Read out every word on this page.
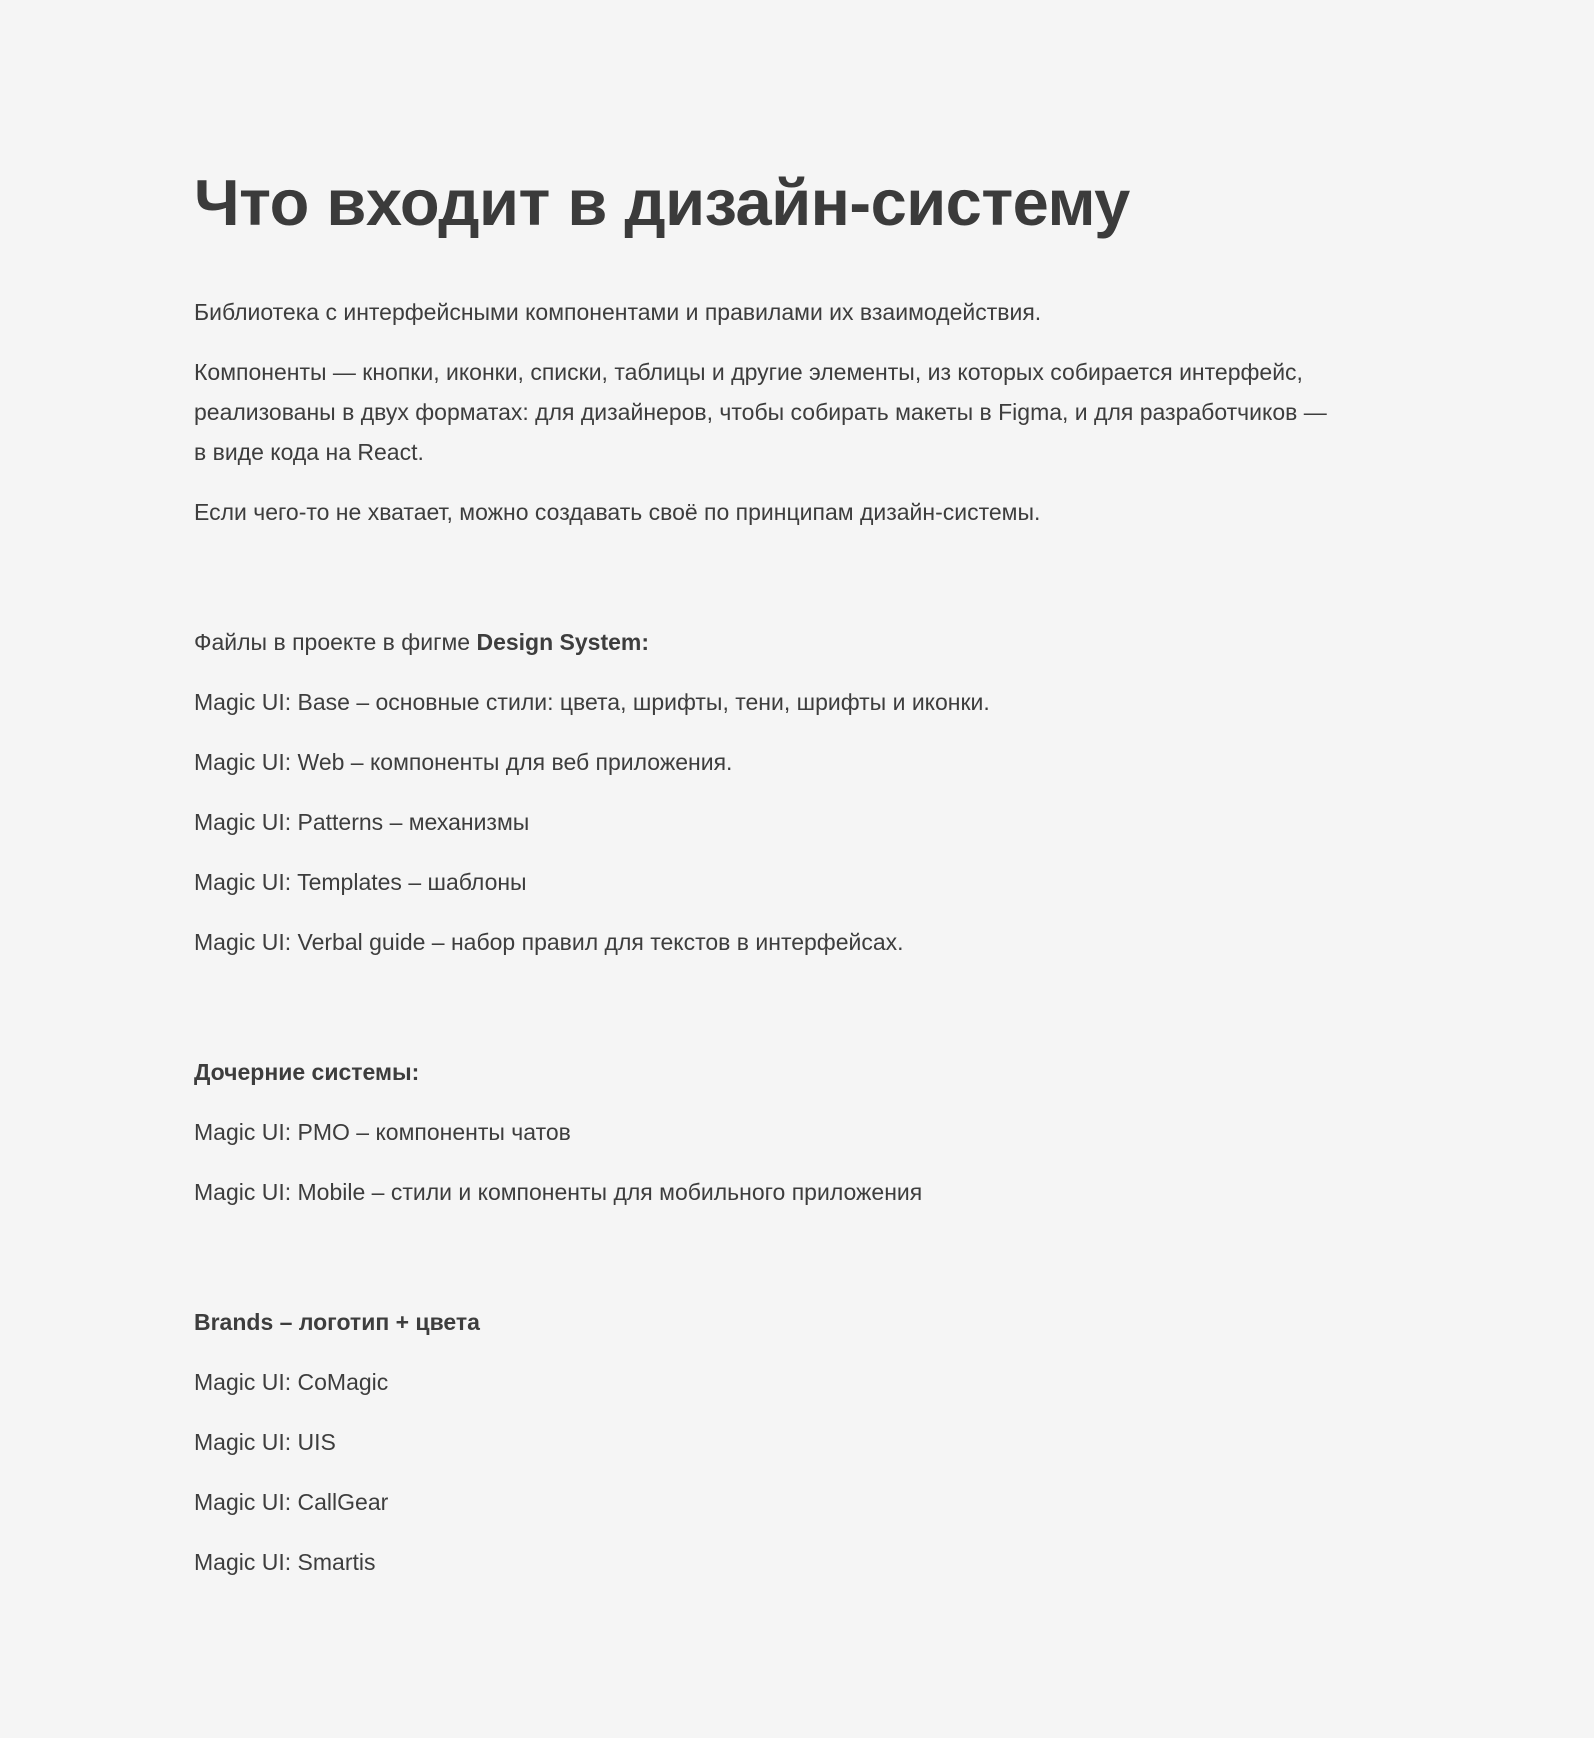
Что входит в дизайн-систему

Библиотека с интерфейсными компонентами и правилами их взаимодействия.

Компоненты — кнопки, иконки, списки, таблицы и другие элементы, из которых собирается интерфейс, реализованы в двух форматах: для дизайнеров, чтобы собирать макеты в Figma, и для разработчиков — в виде кода на React.

Если чего-то не хватает, можно создавать своё по принципам дизайн-системы.

Файлы в проекте в фигме Design System:

Magic UI: Base – основные стили: цвета, шрифты, тени, шрифты и иконки.

Magic UI: Web – компоненты для веб приложения.

Magic UI: Patterns – механизмы

Magic UI: Templates – шаблоны

Magic UI: Verbal guide – набор правил для текстов в интерфейсах.

Дочерние системы:

Magic UI: PMO – компоненты чатов

Magic UI: Mobile – стили и компоненты для мобильного приложения

Brands – логотип + цвета

Magic UI: CoMagic

Magic UI: UIS

Magic UI: CallGear

Magic UI: Smartis
